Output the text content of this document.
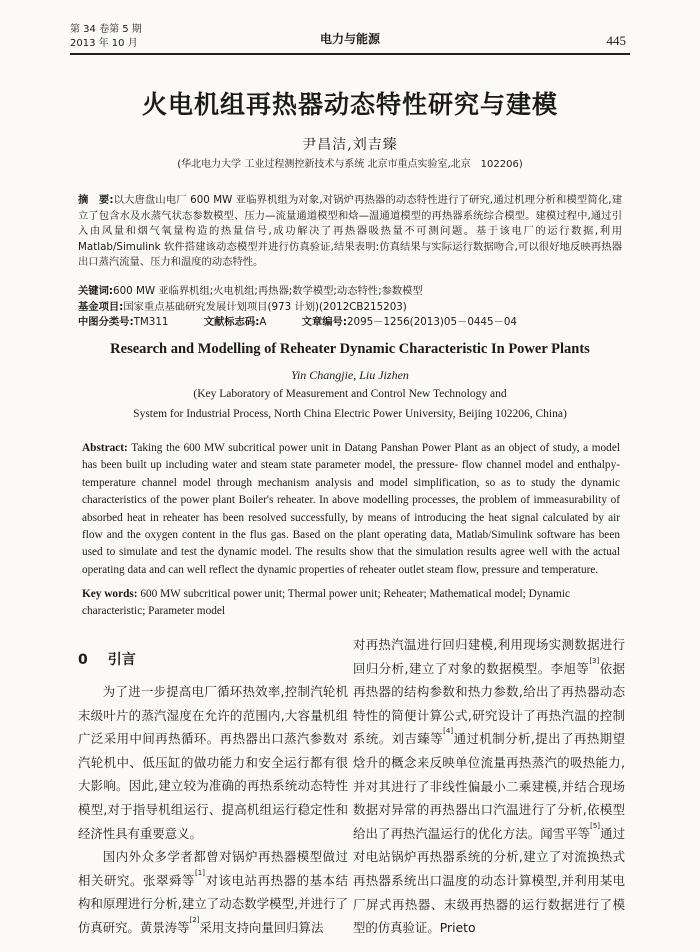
第 34 卷第 5 期
2013 年 10 月	电力与能源	445
火电机组再热器动态特性研究与建模
尹昌洁,刘吉臻
(华北电力大学 工业过程测控新技术与系统 北京市重点实验室,北京　102206)
摘　要:以大唐盘山电厂 600 MW 亚临界机组为对象,对锅炉再热器的动态特性进行了研究,通过机理分析和模型简化,建立了包含水及水蒸气状态参数模型、压力—流量通道模型和焓—温通道模型的再热器系统综合模型。建模过程中,通过引入由风量和烟气氧量构造的热量信号,成功解决了再热器吸热量不可测问题。基于该电厂的运行数据,利用 Matlab/Simulink 软件搭建该动态模型并进行仿真验证,结果表明:仿真结果与实际运行数据吻合,可以很好地反映再热器出口蒸汽流量、压力和温度的动态特性。
关键词:600 MW 亚临界机组;火电机组;再热器;数学模型;动态特性;参数模型
基金项目:国家重点基础研究发展计划项目(973 计划)(2012CB215203)
中图分类号:TM311	文献标志码:A	文章编号:2095－1256(2013)05－0445－04
Research and Modelling of Reheater Dynamic Characteristic In Power Plants
Yin Changjie, Liu Jizhen
(Key Laboratory of Measurement and Control New Technology and
System for Industrial Process, North China Electric Power University, Beijing 102206, China)
Abstract: Taking the 600 MW subcritical power unit in Datang Panshan Power Plant as an object of study, a model has been built up including water and steam state parameter model, the pressure- flow channel model and enthalpy- temperature channel model through mechanism analysis and model simplification, so as to study the dynamic characteristics of the power plant Boiler's reheater. In above modelling processes, the problem of immeasurability of absorbed heat in reheater has been resolved successfully, by means of introducing the heat signal calculated by air flow and the oxygen content in the flus gas. Based on the plant operating data, Matlab/Simulink software has been used to simulate and test the dynamic model. The results show that the simulation results agree well with the actual operating data and can well reflect the dynamic properties of reheater outlet steam flow, pressure and temperature.
Key words: 600 MW subcritical power unit; Thermal power unit; Reheater; Mathematical model; Dynamic characteristic; Parameter model
0 引言

为了进一步提高电厂循环热效率,控制汽轮机末级叶片的蒸汽湿度在允许的范围内,大容量机组广泛采用中间再热循环。再热器出口蒸汽参数对汽轮机中、低压缸的做功能力和安全运行都有很大影响。因此,建立较为准确的再热系统动态特性模型,对于指导机组运行、提高机组运行稳定性和经济性具有重要意义。

国内外众多学者都曾对锅炉再热器模型做过相关研究。张翠舜等[1]对该电站再热器的基本结构和原理进行分析,建立了动态数学模型,并进行了仿真研究。黄景涛等[2]采用支持向量回归算法

对再热汽温进行回归建模,利用现场实测数据进行回归分析,建立了对象的数据模型。李旭等[3]依据再热器的结构参数和热力参数,给出了再热器动态特性的简便计算公式,研究设计了再热汽温的控制系统。刘吉臻等[4]通过机制分析,提出了再热期望焓升的概念来反映单位流量再热蒸汽的吸热能力,并对其进行了非线性偏最小二乘建模,并结合现场数据对异常的再热器出口汽温进行了分析,依模型给出了再热汽温运行的优化方法。闻雪平等[5]通过对电站锅炉再热器系统的分析,建立了对流换热式再热器系统出口温度的动态计算模型,并利用某电厂屏式再热器、末级再热器的运行数据进行了模型的仿真验证。Prieto
